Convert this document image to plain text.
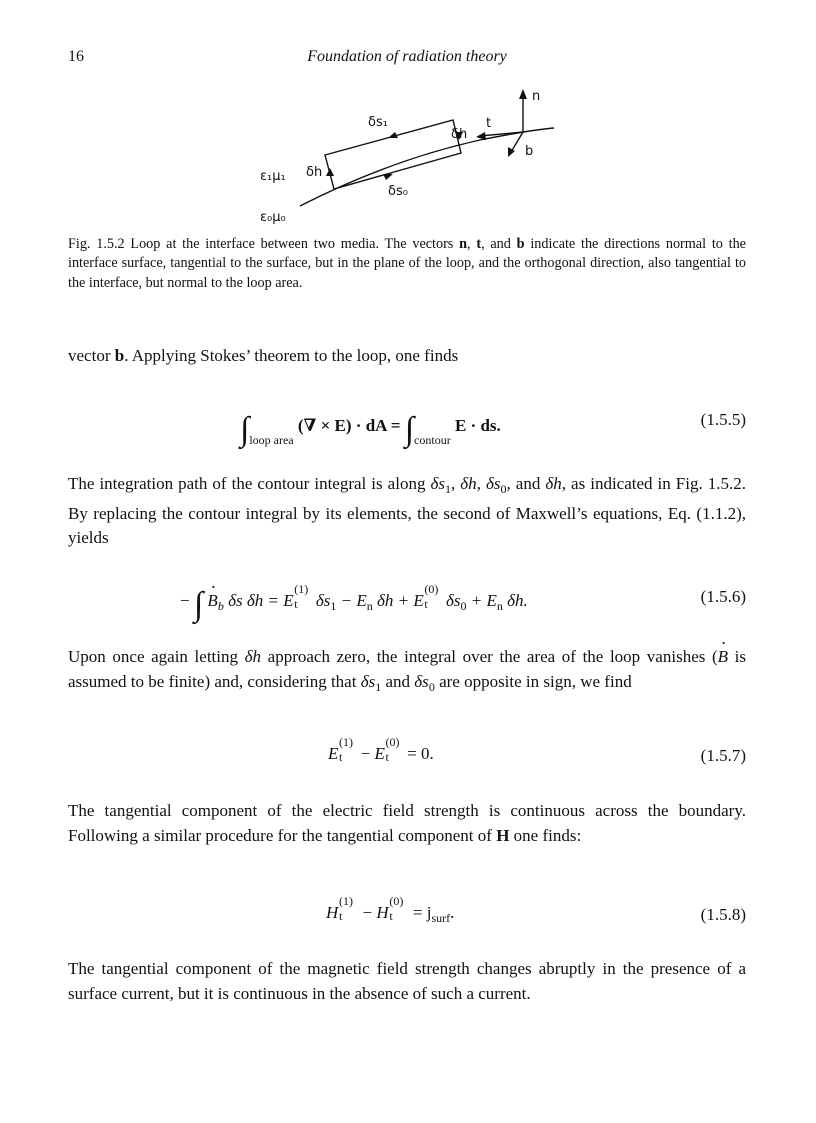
16	Foundation of radiation theory
δs₁
δh
t
n
b
δh
δs₀
ε₁μ₁
ε₀μ₀
Fig. 1.5.2 Loop at the interface between two media. The vectors n, t, and b indicate the directions normal to the interface surface, tangential to the surface, but in the plane of the loop, and the orthogonal direction, also tangential to the interface, but normal to the loop area.

vector b. Applying Stokes’ theorem to the loop, one finds

$\int_{loop area}$ (∇ × E) · dA = $\int_{contour}$ E · ds.	(1.5.5)

The integration path of the contour integral is along $\delta s_1$, δh, $\delta s_0$, and δh, as indicated in Fig. 1.5.2. By replacing the contour integral by its elements, the second of Maxwell’s equations, Eq. (1.1.2), yields

− ∫ $B \cdot_b$ δs δh = E
(1)
t $\delta s_1 - E_n$ δh + E
(0)
t $\delta s_0 + E_n$ δh.	(1.5.6)

Upon once again letting δh approach zero, the integral over the area of the loop vanishes (B · is assumed to be finite) and, considering that $\delta s_1$ and $\delta s_0$ are opposite in sign, we find

E
(1)
t − E
(0)
t = 0.	(1.5.7)

The tangential component of the electric field strength is continuous across the boundary. Following a similar procedure for the tangential component of H one finds:

H
(1)
t − H
(0)
$t = j_{surf}$.	(1.5.8)

The tangential component of the magnetic field strength changes abruptly in the presence of a surface current, but it is continuous in the absence of such a current.
